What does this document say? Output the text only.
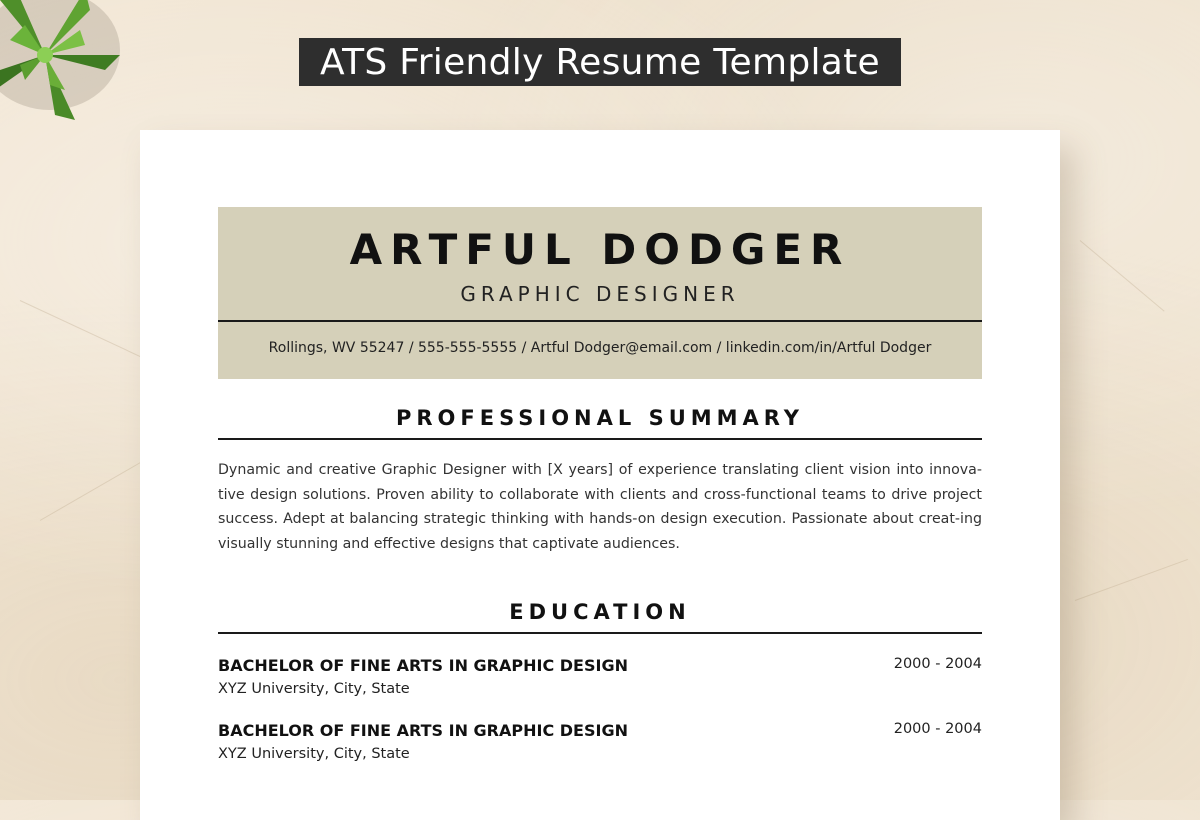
ATS Friendly Resume Template
ARTFUL DODGER
GRAPHIC DESIGNER
Rollings, WV 55247 / 555-555-5555 / Artful Dodger@email.com / linkedin.com/in/Artful Dodger
PROFESSIONAL SUMMARY

Dynamic and creative Graphic Designer with [X years] of experience translating client vision into innova-tive design solutions. Proven ability to collaborate with clients and cross-functional teams to drive project success. Adept at balancing strategic thinking with hands-on design execution. Passionate about creat-ing visually stunning and effective designs that captivate audiences.

EDUCATION
BACHELOR OF FINE ARTS IN GRAPHIC DESIGN	2000 - 2004
XYZ University, City, State
BACHELOR OF FINE ARTS IN GRAPHIC DESIGN	2000 - 2004
XYZ University, City, State
